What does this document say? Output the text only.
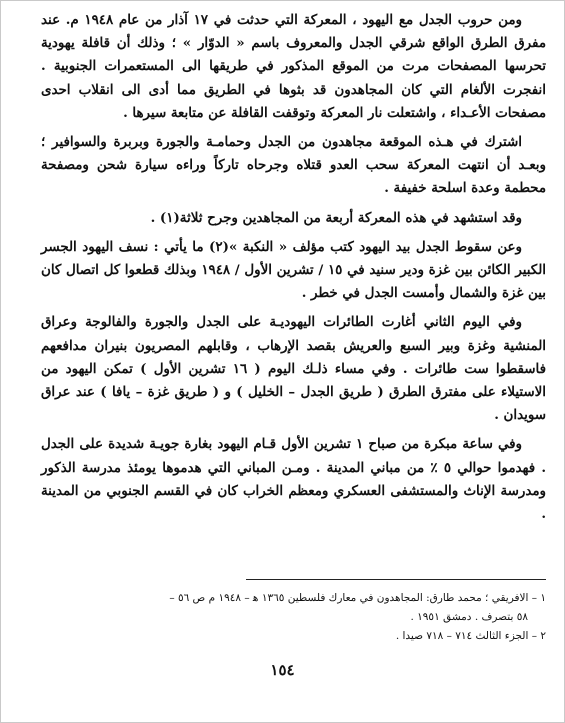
ومن حروب الجدل مع اليهود ، المعركة التي حدثت في ١٧ آذار من عام ١٩٤٨ م. عند مفرق الطرق الواقع شرقي الجدل والمعروف باسم « الدوّار » ؛ وذلك أن قافلة يهودية تحرسها المصفحات مرت من الموقع المذكور في طريقها الى المستعمرات الجنوبية . انفجرت الألغام التي كان المجاهدون قد بثوها في الطريق مما أدى الى انقلاب احدى مصفحات الأعـداء ، واشتعلت نار المعركة وتوقفت القافلة عن متابعة سيرها .

اشترك في هـذه الموقعة مجاهدون من الجدل وحمامـة والجورة وبربرة والسوافير ؛ وبعـد أن انتهت المعركة سحب العدو قتلاه وجرحاه تاركاً وراءه سيارة شحن ومصفحة محطمة وعدة اسلحة خفيفة .

وقد استشهد في هذه المعركة أربعة من المجاهدين وجرح ثلاثة(١) .

وعن سقوط الجدل بيد اليهود كتب مؤلف « النكبة »(٢) ما يأتي : نسف اليهود الجسر الكبير الكائن بين غزة ودير سنيد في ١٥ / تشرين الأول / ١٩٤٨ وبذلك قطعوا كل اتصال كان بين غزة والشمال وأمست الجدل في خطر .

وفي اليوم الثاني أغارت الطائرات اليهوديـة على الجدل والجورة والفالوجة وعراق المنشية وغزة وبير السبع والعريش بقصد الإرهاب ، وقابلهم المصريون بنيران مدافعهم فاسقطوا ست طائرات . وفي مساء ذلـك اليوم ( ١٦ تشرين الأول ) تمكن اليهود من الاستيلاء على مفترق الطرق ( طريق الجدل – الخليل ) و ( طريق غزة – يافا ) عند عراق سويدان .

وفي ساعة مبكرة من صباح ١ تشرين الأول قـام اليهود بغارة جويـة شديدة على الجدل . فهدموا حوالي ٥ ٪ من مباني المدينة . ومـن المباني التي هدموها يومئذ مدرسة الذكور ومدرسة الإناث والمستشفى العسكري ومعظم الخراب كان في القسم الجنوبي من المدينة .

١ – الافريقي ؛ محمد طارق: المجاهدون في معارك فلسطين ١٣٦٥ ﻫ – ١٩٤٨ م ص ٥٦ –

٥٨ بتصرف . دمشق ١٩٥١ .

٢ – الجزء الثالث ٧١٤ – ٧١٨ صيدا .

١٥٤
